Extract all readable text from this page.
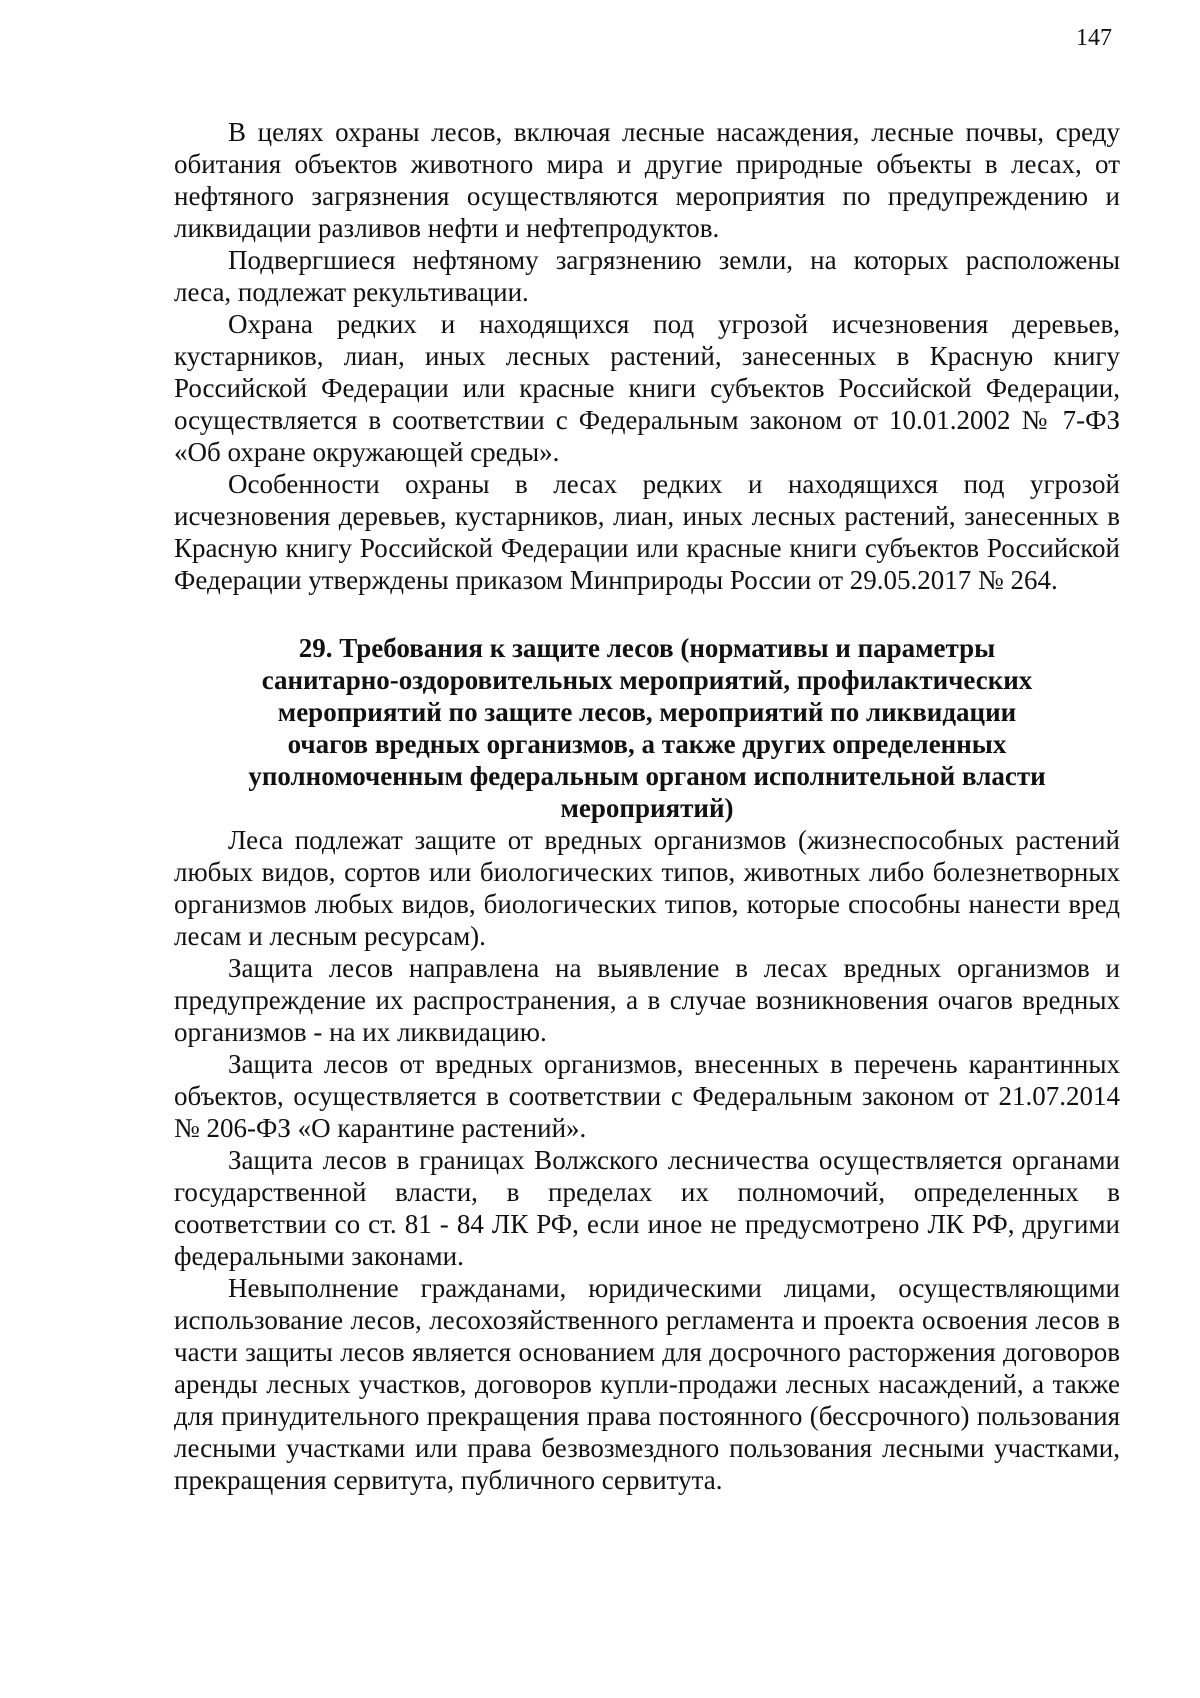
147

В целях охраны лесов, включая лесные насаждения, лесные почвы, среду обитания объектов животного мира и другие природные объекты в лесах, от нефтяного загрязнения осуществляются мероприятия по предупреждению и ликвидации разливов нефти и нефтепродуктов.

Подвергшиеся нефтяному загрязнению земли, на которых расположены леса, подлежат рекультивации.

Охрана редких и находящихся под угрозой исчезновения деревьев, кустарников, лиан, иных лесных растений, занесенных в Красную книгу Российской Федерации или красные книги субъектов Российской Федерации, осуществляется в соответствии с Федеральным законом от 10.01.2002 № 7-ФЗ «Об охране окружающей среды».

Особенности охраны в лесах редких и находящихся под угрозой исчезновения деревьев, кустарников, лиан, иных лесных растений, занесенных в Красную книгу Российской Федерации или красные книги субъектов Российской Федерации утверждены приказом Минприроды России от 29.05.2017 № 264.

29. Требования к защите лесов (нормативы и параметры санитарно-оздоровительных мероприятий, профилактических мероприятий по защите лесов, мероприятий по ликвидации очагов вредных организмов, а также других определенных уполномоченным федеральным органом исполнительной власти мероприятий)

Леса подлежат защите от вредных организмов (жизнеспособных растений любых видов, сортов или биологических типов, животных либо болезнетворных организмов любых видов, биологических типов, которые способны нанести вред лесам и лесным ресурсам).

Защита лесов направлена на выявление в лесах вредных организмов и предупреждение их распространения, а в случае возникновения очагов вредных организмов - на их ликвидацию.

Защита лесов от вредных организмов, внесенных в перечень карантинных объектов, осуществляется в соответствии с Федеральным законом от 21.07.2014 № 206-ФЗ «О карантине растений».

Защита лесов в границах Волжского лесничества осуществляется органами государственной власти, в пределах их полномочий, определенных в соответствии со ст. 81 - 84 ЛК РФ, если иное не предусмотрено ЛК РФ, другими федеральными законами.

Невыполнение гражданами, юридическими лицами, осуществляющими использование лесов, лесохозяйственного регламента и проекта освоения лесов в части защиты лесов является основанием для досрочного расторжения договоров аренды лесных участков, договоров купли-продажи лесных насаждений, а также для принудительного прекращения права постоянного (бессрочного) пользования лесными участками или права безвозмездного пользования лесными участками, прекращения сервитута, публичного сервитута.
